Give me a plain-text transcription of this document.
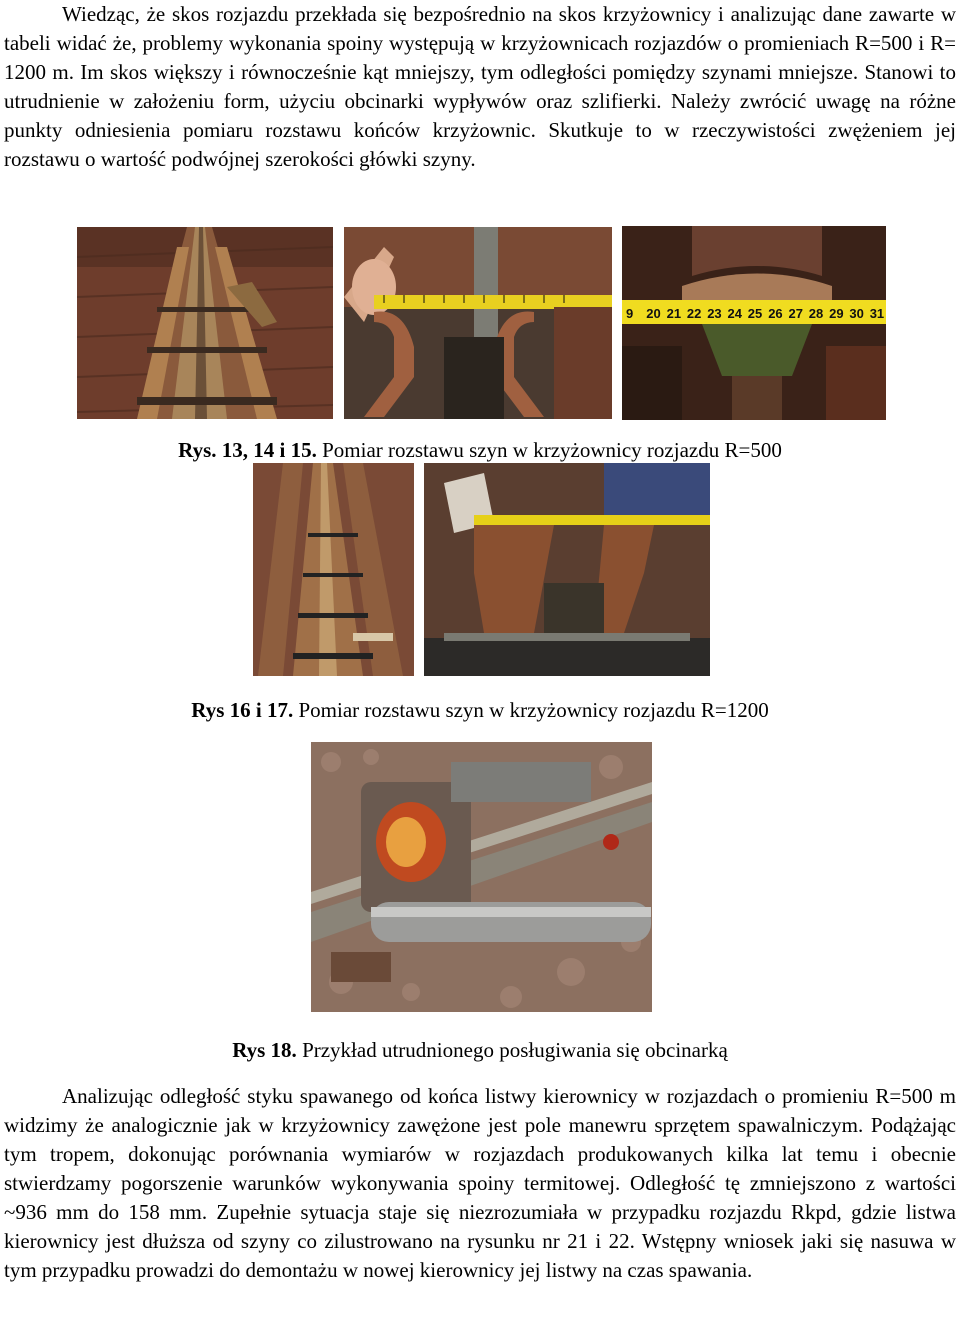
Wiedząc, że skos rozjazdu przekłada się bezpośrednio na skos krzyżownicy i analizując dane zawarte w tabeli widać że, problemy wykonania spoiny występują w krzyżownicach rozjazdów o promieniach R=500 i R= 1200 m. Im skos większy i równocześnie kąt mniejszy, tym odległości pomiędzy szynami mniejsze. Stanowi to utrudnienie w założeniu form, użyciu obcinarki wypływów oraz szlifierki. Należy zwrócić uwagę na różne punkty odniesienia pomiaru rozstawu końców krzyżownic. Skutkuje to w rzeczywistości zwężeniem jej rozstawu o wartość podwójnej szerokości główki szyny.

9 20 21 22 23 24 25 26 27 28 29 30 31

Rys. 13, 14 i 15. Pomiar rozstawu szyn w krzyżownicy rozjazdu R=500

Rys 16 i 17. Pomiar rozstawu szyn w krzyżownicy rozjazdu R=1200

Rys 18. Przykład utrudnionego posługiwania się obcinarką

Analizując odległość styku spawanego od końca listwy kierownicy w rozjazdach o promieniu R=500 m widzimy że analogicznie jak w krzyżownicy zawężone jest pole manewru sprzętem spawalniczym. Podążając tym tropem, dokonując porównania wymiarów w rozjazdach produkowanych kilka lat temu i obecnie stwierdzamy pogorszenie warunków wykonywania spoiny termitowej. Odległość tę zmniejszono z wartości ~936 mm do 158 mm. Zupełnie sytuacja staje się niezrozumiała w przypadku rozjazdu Rkpd, gdzie listwa kierownicy jest dłuższa od szyny co zilustrowano na rysunku nr 21 i 22. Wstępny wniosek jaki się nasuwa w tym przypadku prowadzi do demontażu w nowej kierownicy jej listwy na czas spawania.
